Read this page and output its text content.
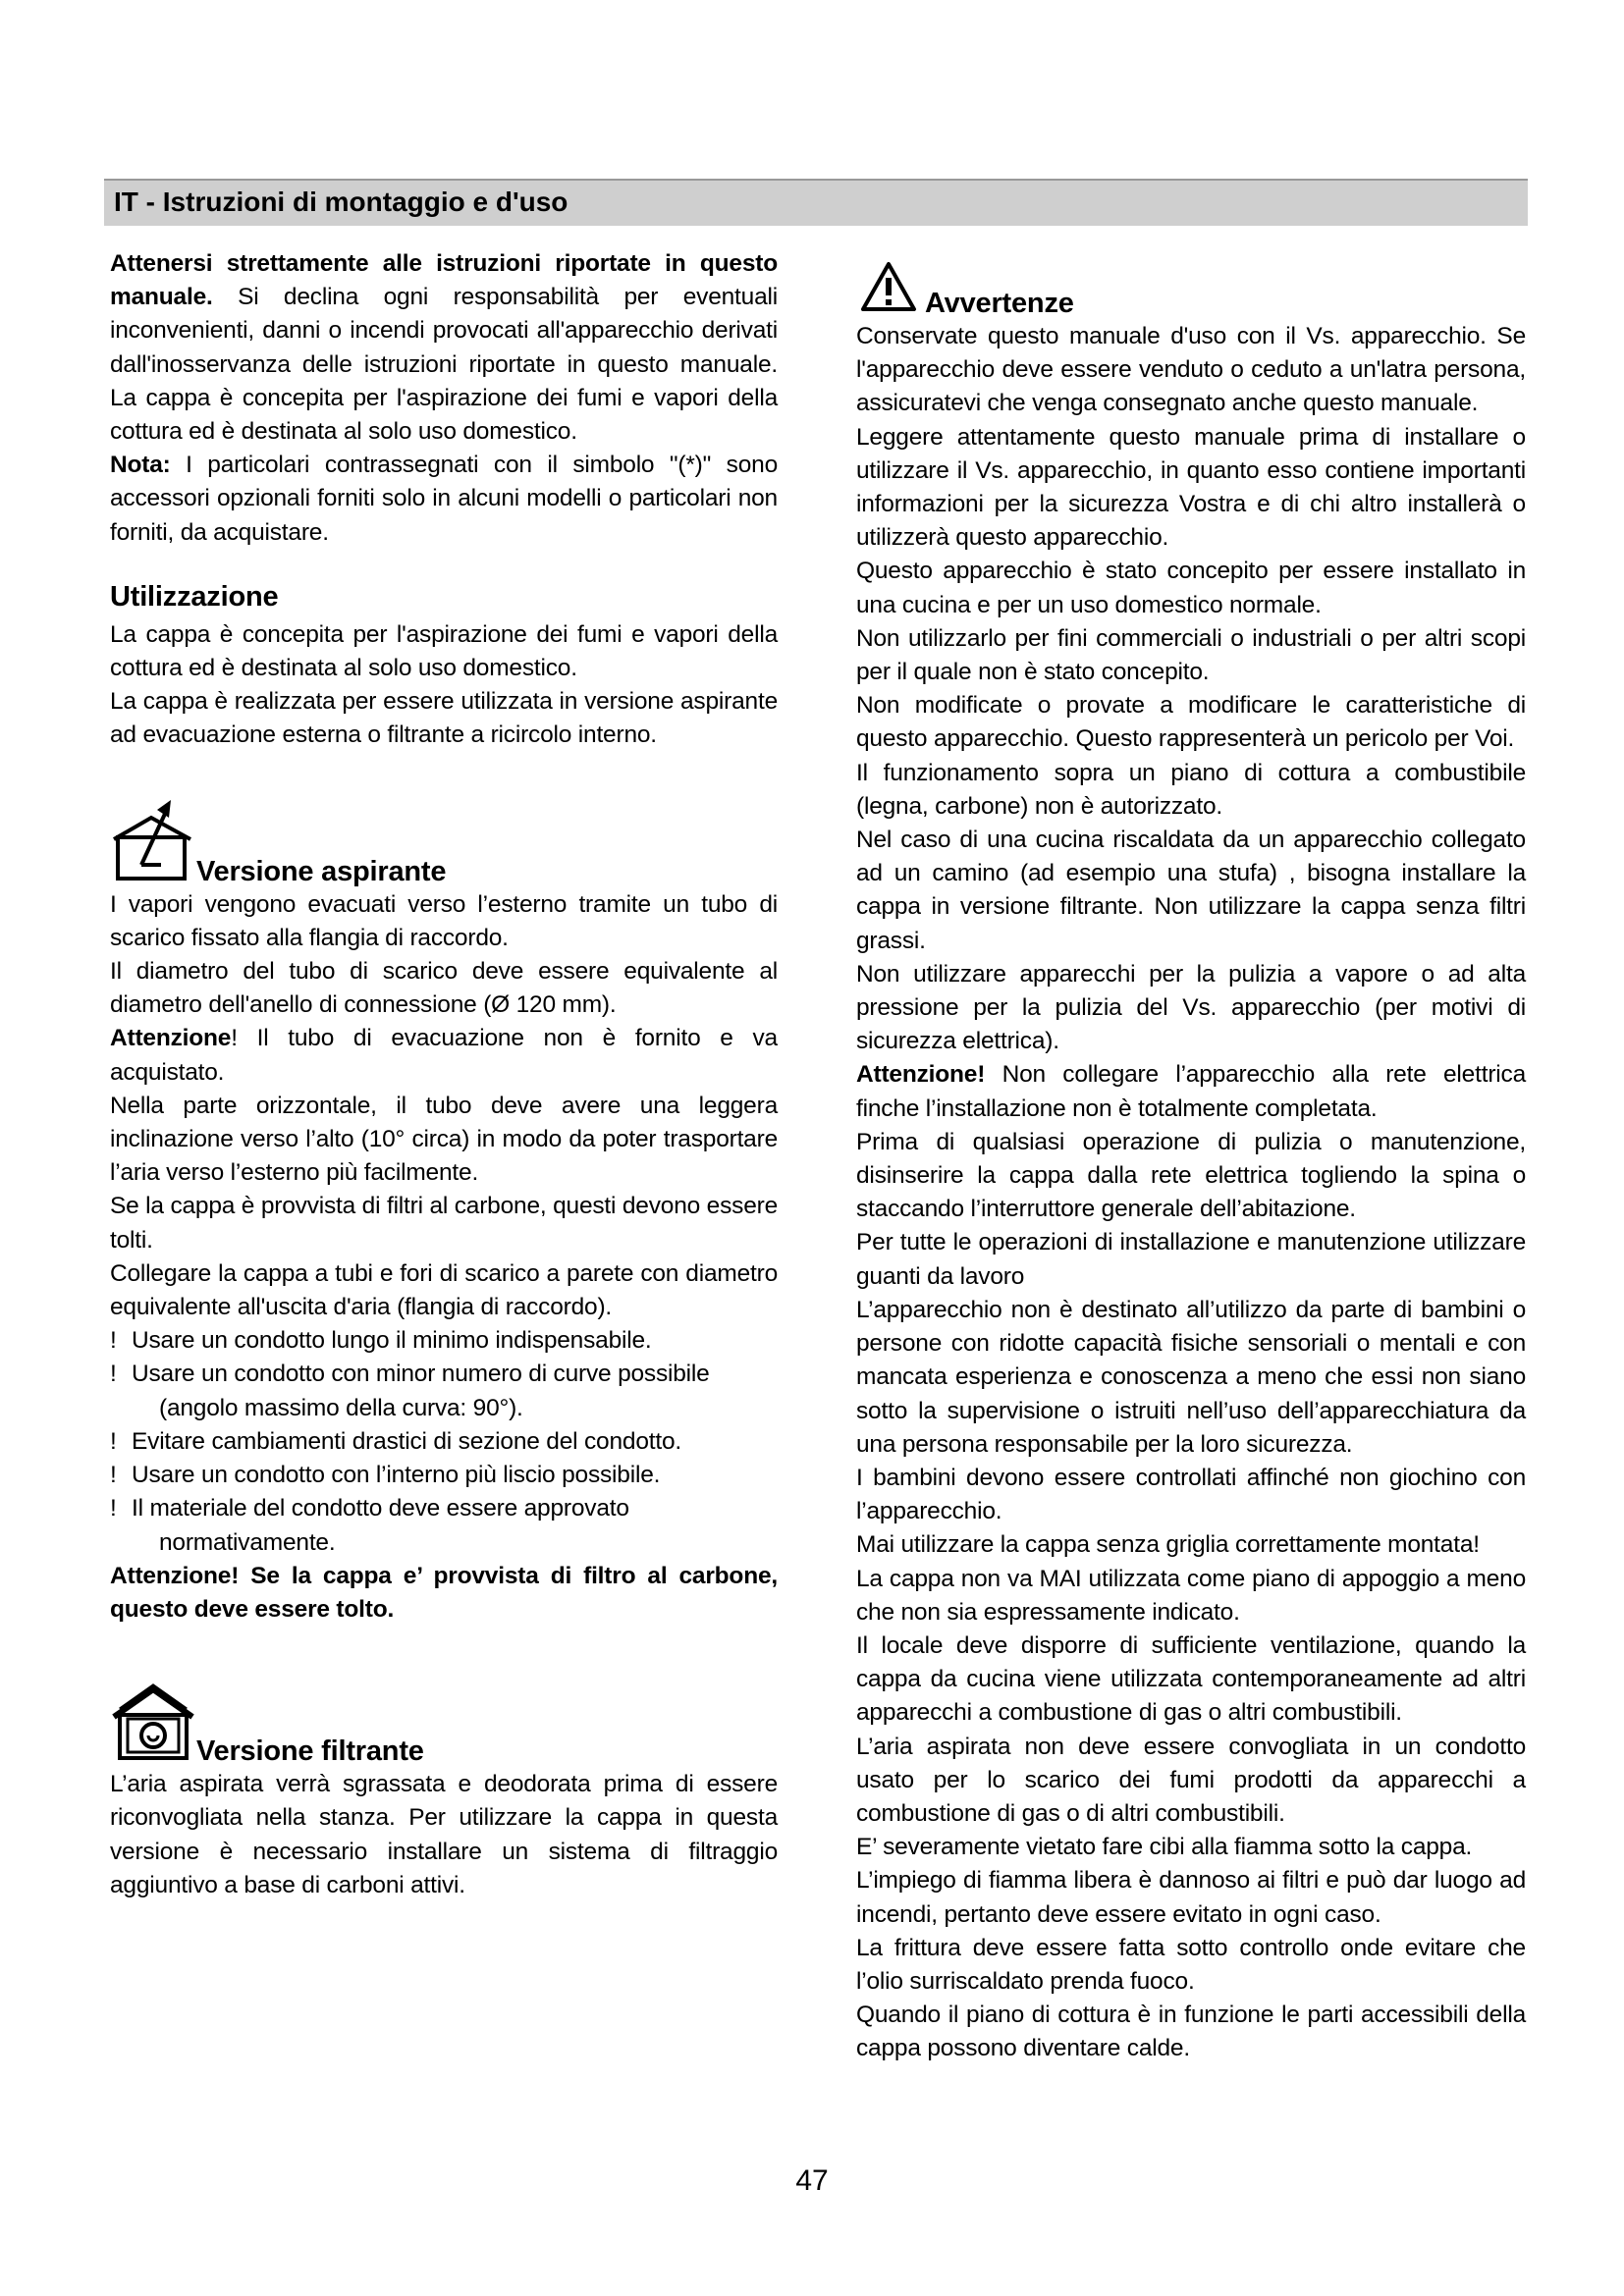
IT - Istruzioni di montaggio e d'uso

Attenersi strettamente alle istruzioni riportate in questo manuale. Si declina ogni responsabilità per eventuali inconvenienti, danni o incendi provocati all'apparecchio derivati dall'inosservanza delle istruzioni riportate in questo manuale. La cappa è concepita per l'aspirazione dei fumi e vapori della cottura ed è destinata al solo uso domestico.

Nota: I particolari contrassegnati con il simbolo "(*)" sono accessori opzionali forniti solo in alcuni modelli o particolari non forniti, da acquistare.

Utilizzazione

La cappa è concepita per l'aspirazione dei fumi e vapori della cottura ed è destinata al solo uso domestico.

La cappa è realizzata per essere utilizzata in versione aspirante ad evacuazione esterna o filtrante a ricircolo interno.

Versione aspirante

I vapori vengono evacuati verso l’esterno tramite un tubo di scarico fissato alla flangia di raccordo.

Il diametro del tubo di scarico deve essere equivalente al diametro dell'anello di connessione (Ø 120 mm).

Attenzione! Il tubo di evacuazione non è fornito e va acquistato.

Nella parte orizzontale, il tubo deve avere una leggera inclinazione verso l’alto (10° circa) in modo da poter trasportare l’aria verso l’esterno più facilmente.

Se la cappa è provvista di filtri al carbone, questi devono essere tolti.

Collegare la cappa a tubi e fori di scarico a parete con diametro equivalente all'uscita d'aria (flangia di raccordo).

! Usare un condotto lungo il minimo indispensabile.
! Usare un condotto con minor numero di curve possibile
(angolo massimo della curva: 90°).
! Evitare cambiamenti drastici di sezione del condotto.
! Usare un condotto con l’interno più liscio possibile.
! Il materiale del condotto deve essere approvato
normativamente.

Attenzione! Se la cappa e’ provvista di filtro al carbone, questo deve essere tolto.

Versione filtrante

L’aria aspirata verrà sgrassata e deodorata prima di essere riconvogliata nella stanza. Per utilizzare la cappa in questa versione è necessario installare un sistema di filtraggio aggiuntivo a base di carboni attivi.

Avvertenze

Conservate questo manuale d'uso con il Vs. apparecchio. Se l'apparecchio deve essere venduto o ceduto a un'latra persona, assicuratevi che venga consegnato anche questo manuale.

Leggere attentamente questo manuale prima di installare o utilizzare il Vs. apparecchio, in quanto esso contiene importanti informazioni per la sicurezza Vostra e di chi altro installerà o utilizzerà questo apparecchio.

Questo apparecchio è stato concepito per essere installato in una cucina e per un uso domestico normale.

Non utilizzarlo per fini commerciali o industriali o per altri scopi per il quale non è stato concepito.

Non modificate o provate a modificare le caratteristiche di questo apparecchio. Questo rappresenterà un pericolo per Voi.

Il funzionamento sopra un piano di cottura a combustibile (legna, carbone) non è autorizzato.

Nel caso di una cucina riscaldata da un apparecchio collegato ad un camino (ad esempio una stufa) , bisogna installare la cappa in versione filtrante. Non utilizzare la cappa senza filtri grassi.

Non utilizzare apparecchi per la pulizia a vapore o ad alta pressione per la pulizia del Vs. apparecchio (per motivi di sicurezza elettrica).

Attenzione! Non collegare l’apparecchio alla rete elettrica finche l’installazione non è totalmente completata.

Prima di qualsiasi operazione di pulizia o manutenzione, disinserire la cappa dalla rete elettrica togliendo la spina o staccando l’interruttore generale dell’abitazione.

Per tutte le operazioni di installazione e manutenzione utilizzare guanti da lavoro

L’apparecchio non è destinato all’utilizzo da parte di bambini o persone con ridotte capacità fisiche sensoriali o mentali e con mancata esperienza e conoscenza a meno che essi non siano sotto la supervisione o istruiti nell’uso dell’apparecchiatura da una persona responsabile per la loro sicurezza.

I bambini devono essere controllati affinché non giochino con l’apparecchio.

Mai utilizzare la cappa senza griglia correttamente montata!

La cappa non va MAI utilizzata come piano di appoggio a meno che non sia espressamente indicato.

Il locale deve disporre di sufficiente ventilazione, quando la cappa da cucina viene utilizzata contemporaneamente ad altri apparecchi a combustione di gas o altri combustibili.

L’aria aspirata non deve essere convogliata in un condotto usato per lo scarico dei fumi prodotti da apparecchi a combustione di gas o di altri combustibili.

E’ severamente vietato fare cibi alla fiamma sotto la cappa.

L’impiego di fiamma libera è dannoso ai filtri e può dar luogo ad incendi, pertanto deve essere evitato in ogni caso.

La frittura deve essere fatta sotto controllo onde evitare che l’olio surriscaldato prenda fuoco.

Quando il piano di cottura è in funzione le parti accessibili della cappa possono diventare calde.

47
